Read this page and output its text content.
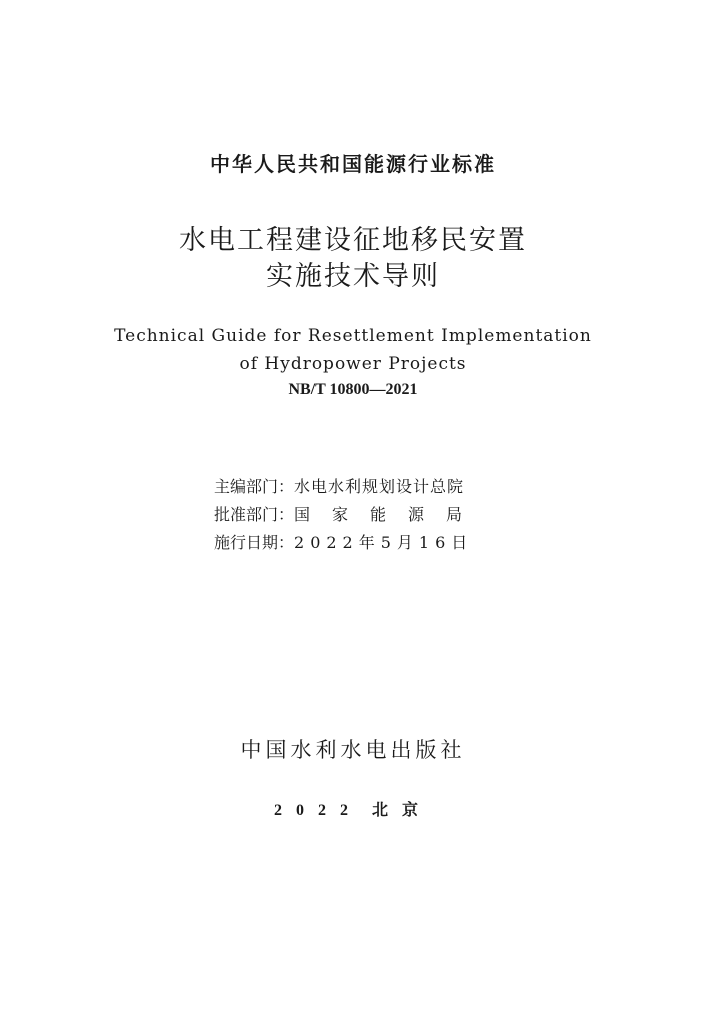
中华人民共和国能源行业标准
水电工程建设征地移民安置
实施技术导则
Technical Guide for Resettlement Implementation
of Hydropower Projects
NB/T 10800—2021
主编部门：水电水利规划设计总院
批准部门：国家能源局
施行日期：2022年5月16日
中国水利水电出版社
2022 北京
